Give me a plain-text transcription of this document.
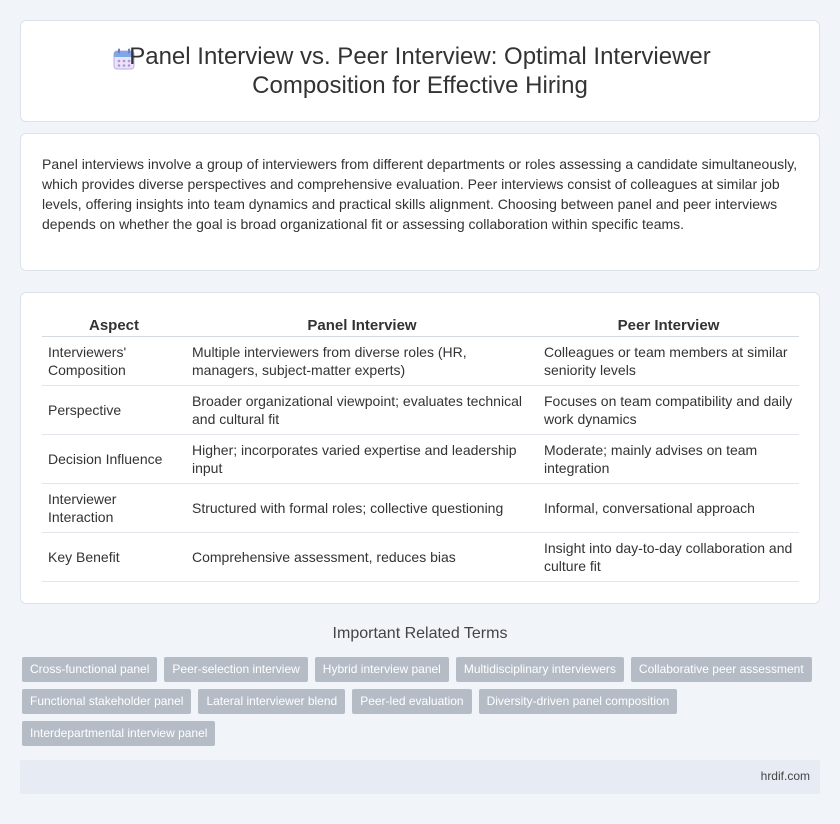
Panel Interview vs. Peer Interview: Optimal Interviewer Composition for Effective Hiring

Panel interviews involve a group of interviewers from different departments or roles assessing a candidate simultaneously, which provides diverse perspectives and comprehensive evaluation. Peer interviews consist of colleagues at similar job levels, offering insights into team dynamics and practical skills alignment. Choosing between panel and peer interviews depends on whether the goal is broad organizational fit or assessing collaboration within specific teams.

Aspect	Panel Interview	Peer Interview
Interviewers' Composition	Multiple interviewers from diverse roles (HR, managers, subject-matter experts)	Colleagues or team members at similar seniority levels
Perspective	Broader organizational viewpoint; evaluates technical and cultural fit	Focuses on team compatibility and daily work dynamics
Decision Influence	Higher; incorporates varied expertise and leadership input	Moderate; mainly advises on team integration
Interviewer Interaction	Structured with formal roles; collective questioning	Informal, conversational approach
Key Benefit	Comprehensive assessment, reduces bias	Insight into day-to-day collaboration and culture fit
Important Related Terms
Cross-functional panel	Peer-selection interview	Hybrid interview panel	Multidisciplinary interviewers	Collaborative peer assessment
Functional stakeholder panel	Lateral interviewer blend	Peer-led evaluation	Diversity-driven panel composition
Interdepartmental interview panel
hrdif.com
